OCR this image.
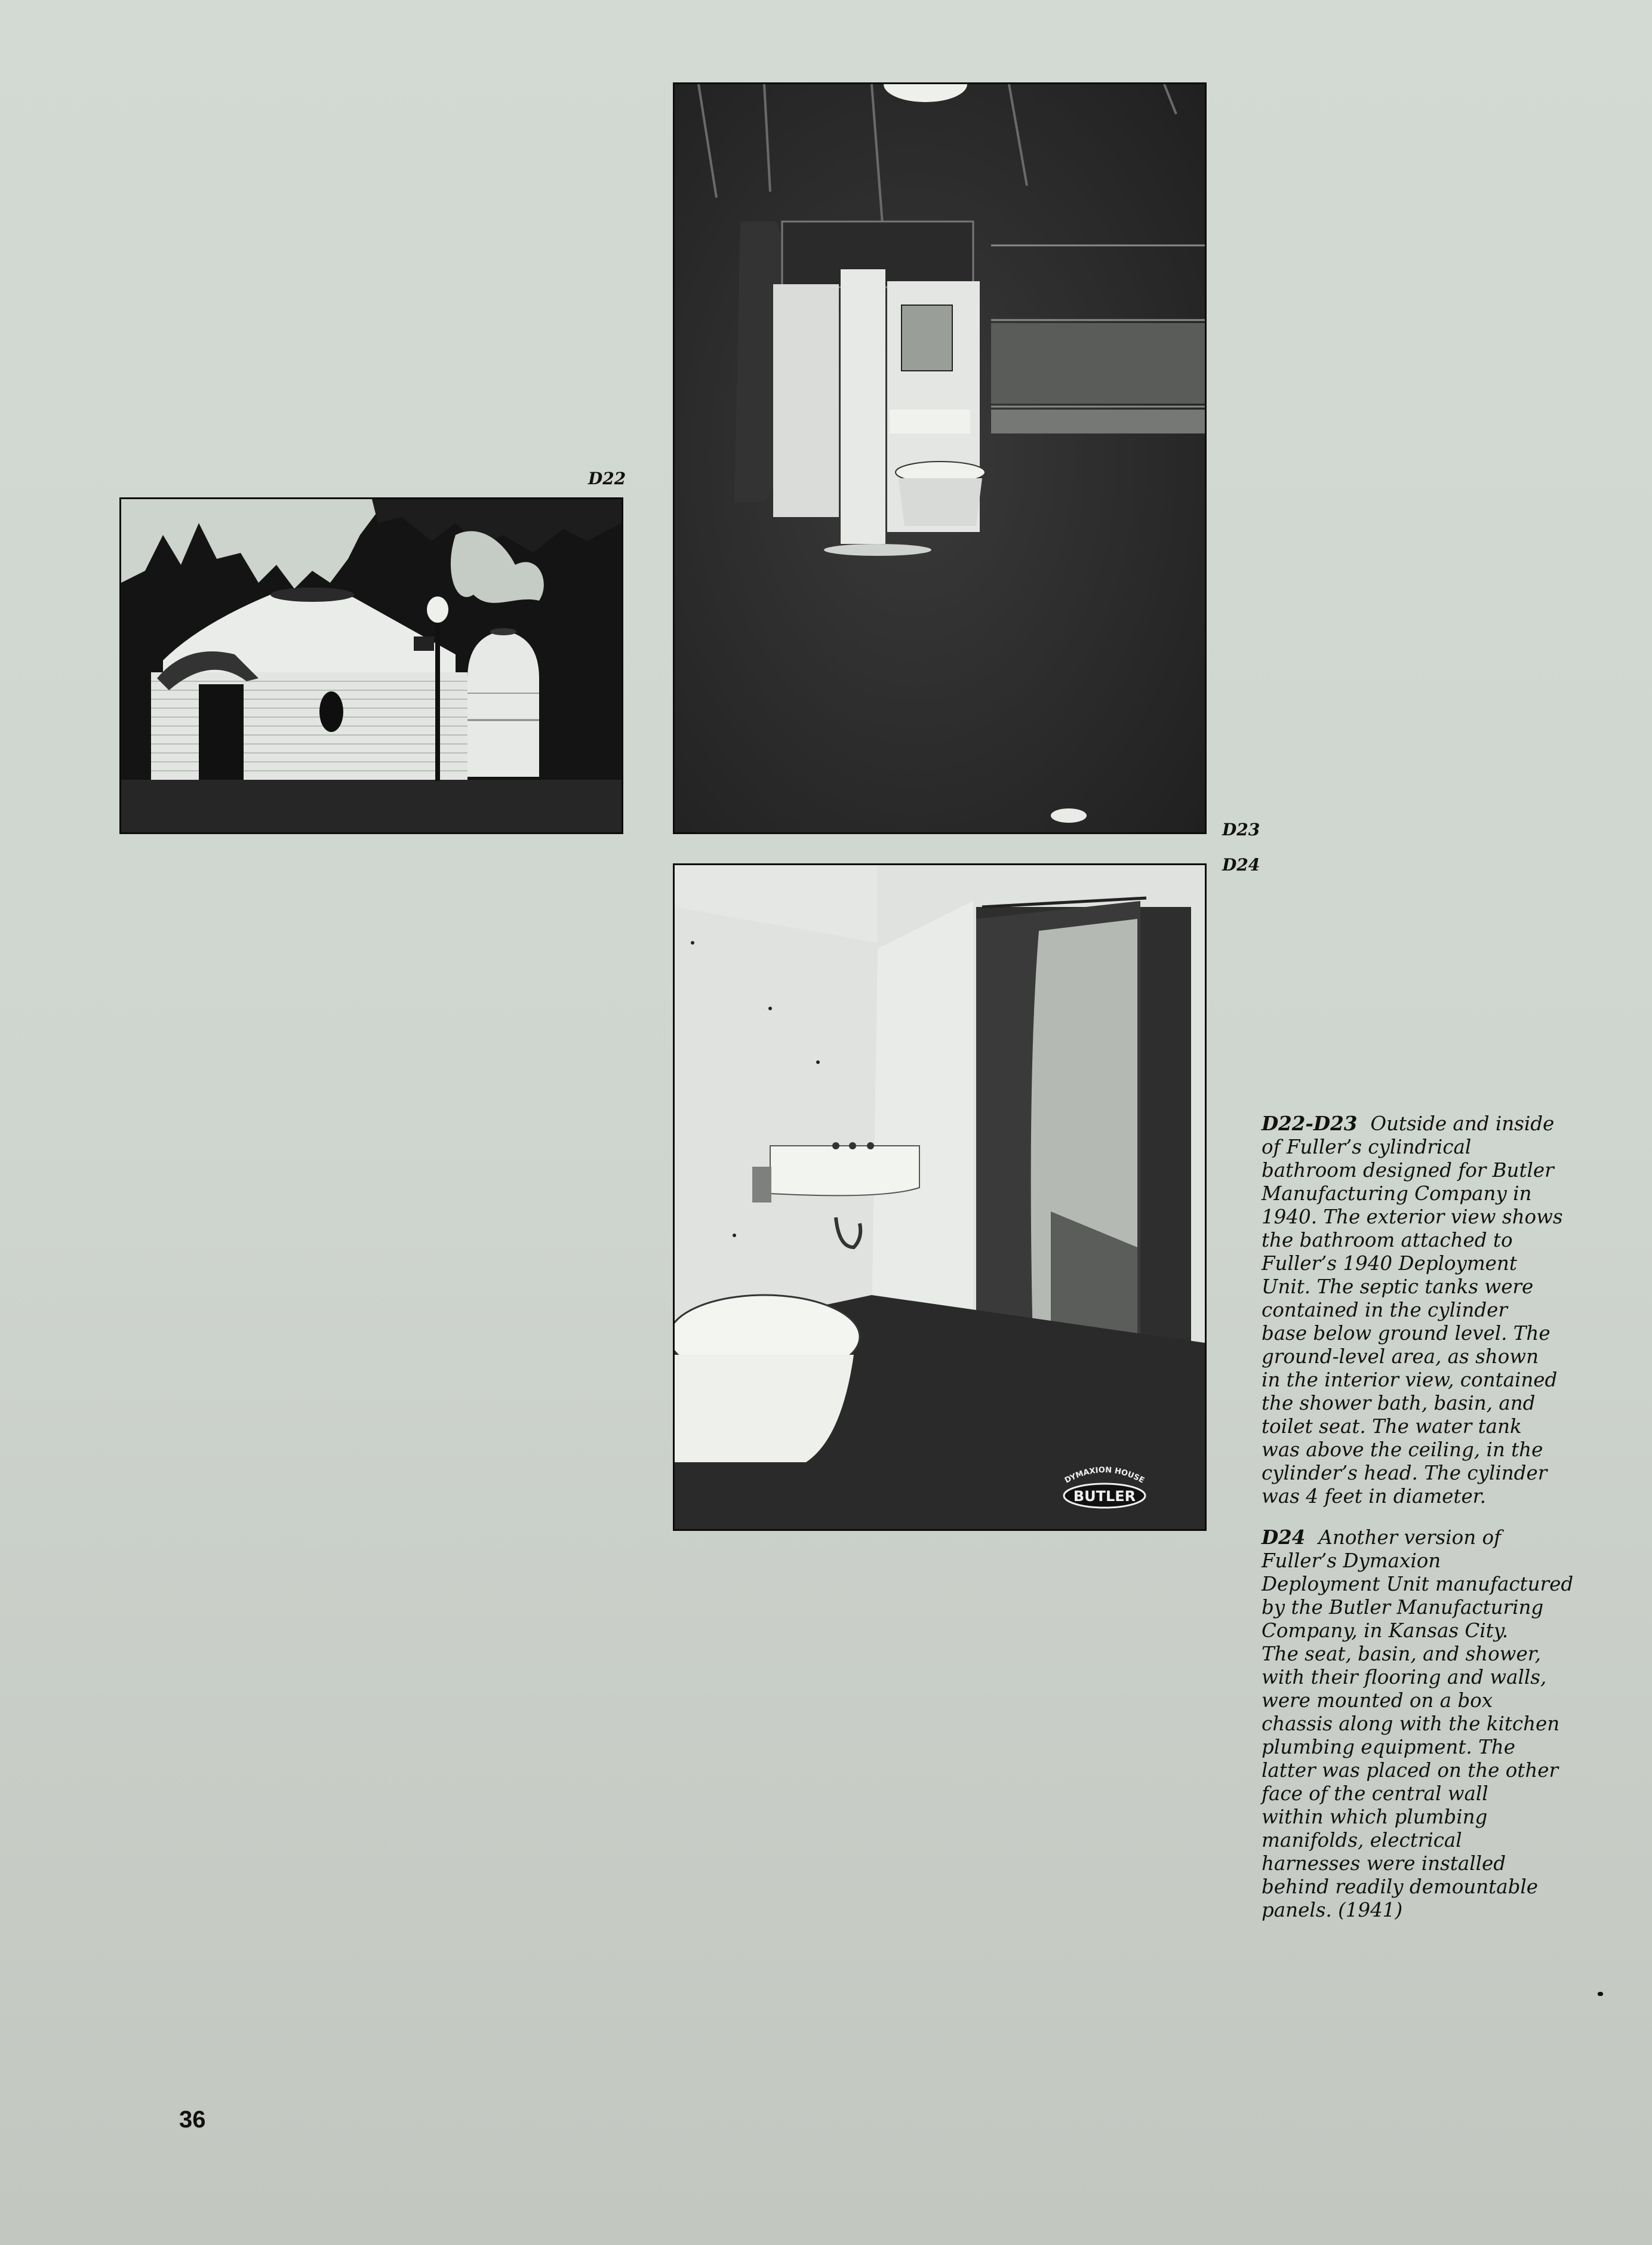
D22
D23
D24
DYMAXION HOUSE
BUTLER
D22-D23 Outside and inside
of Fuller’s cylindrical
bathroom designed for Butler
Manufacturing Company in
1940. The exterior view shows
the bathroom attached to
Fuller’s 1940 Deployment
Unit. The septic tanks were
contained in the cylinder
base below ground level. The
ground-level area, as shown
in the interior view, contained
the shower bath, basin, and
toilet seat. The water tank
was above the ceiling, in the
cylinder’s head. The cylinder
was 4 feet in diameter.
D24 Another version of
Fuller’s Dymaxion
Deployment Unit manufactured
by the Butler Manufacturing
Company, in Kansas City.
The seat, basin, and shower,
with their flooring and walls,
were mounted on a box
chassis along with the kitchen
plumbing equipment. The
latter was placed on the other
face of the central wall
within which plumbing
manifolds, electrical
harnesses were installed
behind readily demountable
panels. (1941)
36
